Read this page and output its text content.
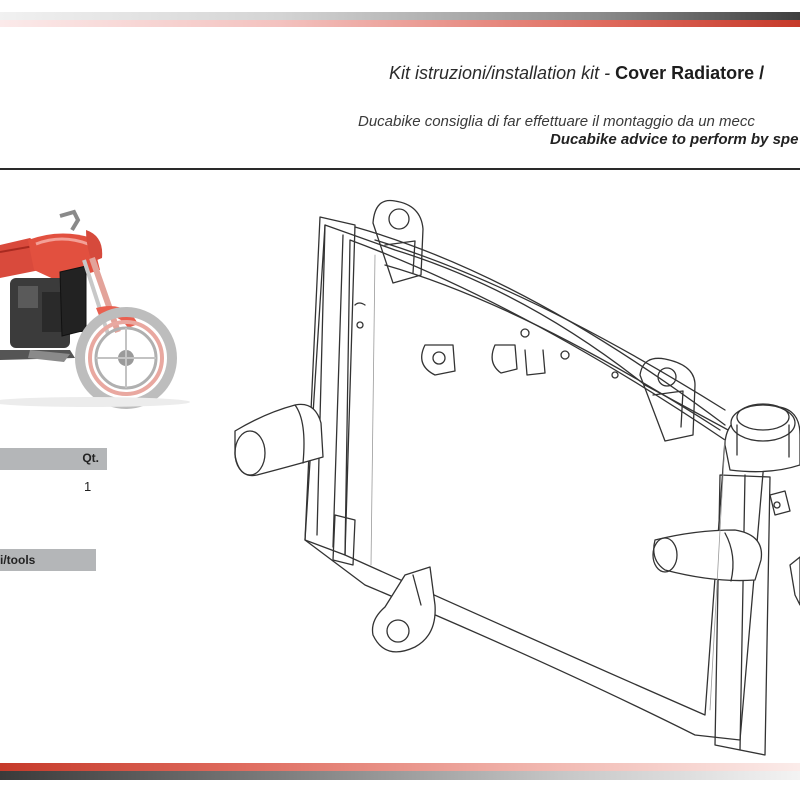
Kit istruzioni/installation kit - Cover Radiatore /
Ducabike consiglia di far effettuare il montaggio da un mecc
Ducabike advice to perform by spe
Qt.
1
i/tools
